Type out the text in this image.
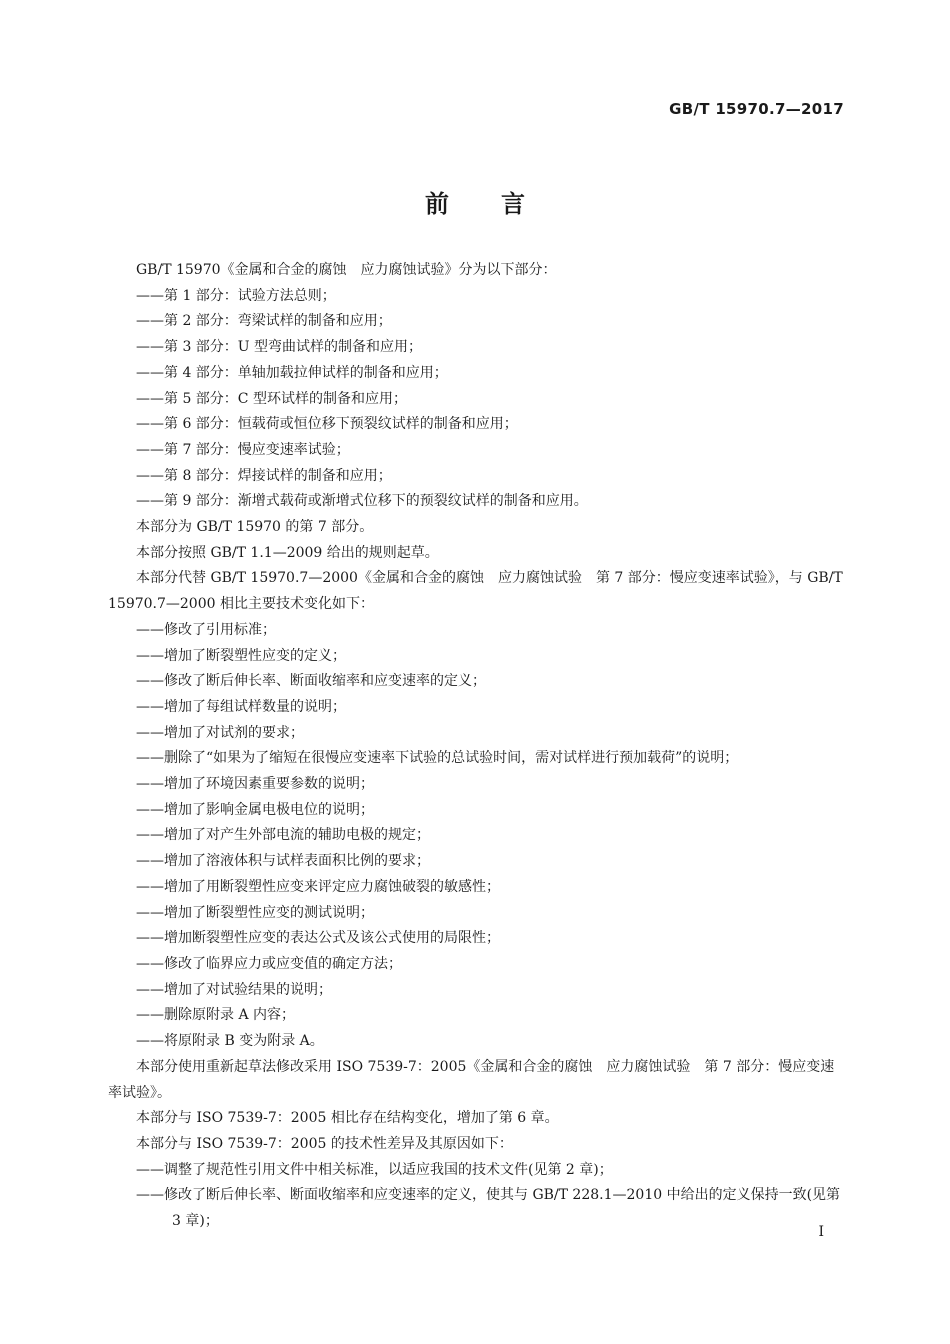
GB/T 15970.7—2017
前言

GB/T 15970《金属和合金的腐蚀　应力腐蚀试验》分为以下部分：

——第 1 部分：试验方法总则；

——第 2 部分：弯梁试样的制备和应用；

——第 3 部分：U 型弯曲试样的制备和应用；

——第 4 部分：单轴加载拉伸试样的制备和应用；

——第 5 部分：C 型环试样的制备和应用；

——第 6 部分：恒载荷或恒位移下预裂纹试样的制备和应用；

——第 7 部分：慢应变速率试验；

——第 8 部分：焊接试样的制备和应用；

——第 9 部分：渐增式载荷或渐增式位移下的预裂纹试样的制备和应用。

本部分为 GB/T 15970 的第 7 部分。

本部分按照 GB/T 1.1—2009 给出的规则起草。

本部分代替 GB/T 15970.7—2000《金属和合金的腐蚀　应力腐蚀试验　第 7 部分：慢应变速率试验》，与 GB/T 15970.7—2000 相比主要技术变化如下：

——修改了引用标准；

——增加了断裂塑性应变的定义；

——修改了断后伸长率、断面收缩率和应变速率的定义；

——增加了每组试样数量的说明；

——增加了对试剂的要求；

——删除了“如果为了缩短在很慢应变速率下试验的总试验时间，需对试样进行预加载荷”的说明；

——增加了环境因素重要参数的说明；

——增加了影响金属电极电位的说明；

——增加了对产生外部电流的辅助电极的规定；

——增加了溶液体积与试样表面积比例的要求；

——增加了用断裂塑性应变来评定应力腐蚀破裂的敏感性；

——增加了断裂塑性应变的测试说明；

——增加断裂塑性应变的表达公式及该公式使用的局限性；

——修改了临界应力或应变值的确定方法；

——增加了对试验结果的说明；

——删除原附录 A 内容；

——将原附录 B 变为附录 A。

本部分使用重新起草法修改采用 ISO 7539-7：2005《金属和合金的腐蚀　应力腐蚀试验　第 7 部分：慢应变速率试验》。

本部分与 ISO 7539-7：2005 相比存在结构变化，增加了第 6 章。

本部分与 ISO 7539-7：2005 的技术性差异及其原因如下：

——调整了规范性引用文件中相关标准，以适应我国的技术文件(见第 2 章)；

——修改了断后伸长率、断面收缩率和应变速率的定义，使其与 GB/T 228.1—2010 中给出的定义保持一致(见第 3 章)；

I
